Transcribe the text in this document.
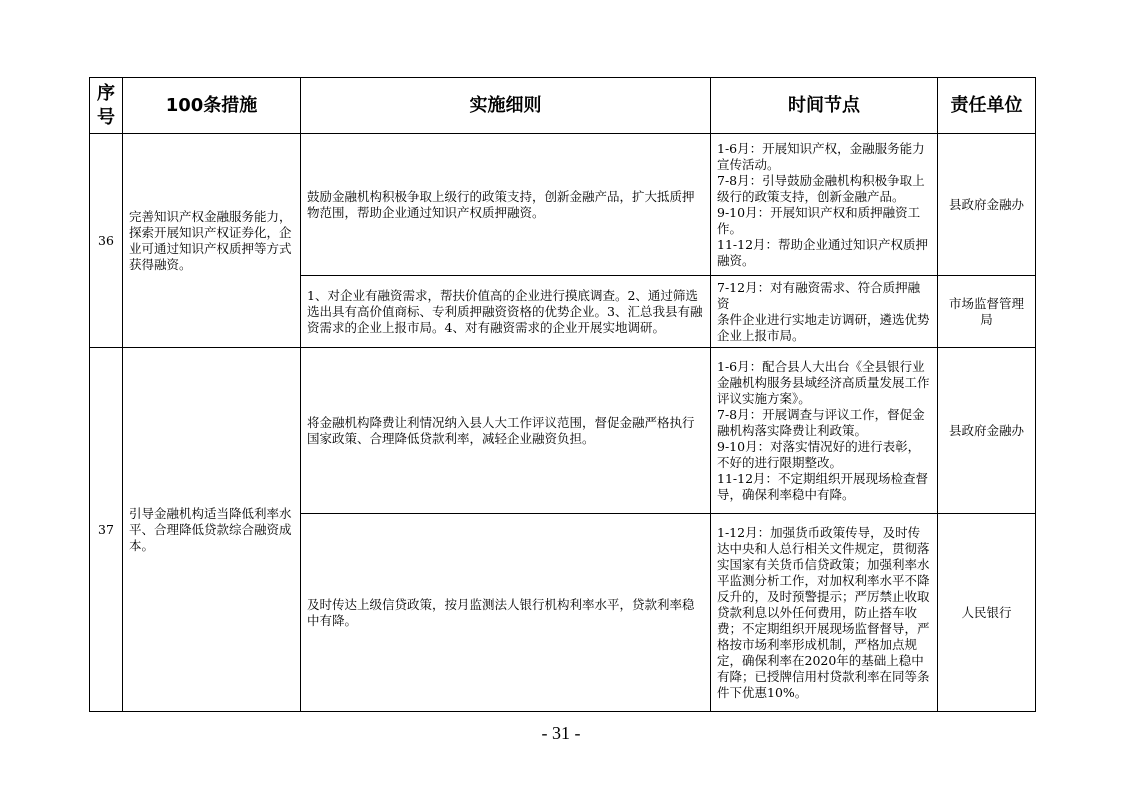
序号	100条措施	实施细则	时间节点	责任单位
36	完善知识产权金融服务能力，探索开展知识产权证券化，企业可通过知识产权质押等方式获得融资。	鼓励金融机构积极争取上级行的政策支持，创新金融产品，扩大抵质押物范围，帮助企业通过知识产权质押融资。	1-6月：开展知识产权，金融服务能力宣传活动。
7-8月：引导鼓励金融机构积极争取上级行的政策支持，创新金融产品。
9-10月：开展知识产权和质押融资工作。
11-12月：帮助企业通过知识产权质押融资。	县政府金融办
		1、对企业有融资需求，帮扶价值高的企业进行摸底调查。2、通过筛选选出具有高价值商标、专利质押融资资格的优势企业。3、汇总我县有融资需求的企业上报市局。4、对有融资需求的企业开展实地调研。	7-12月：对有融资需求、符合质押融资
条件企业进行实地走访调研，遴选优势企业上报市局。	市场监督管理局
37	引导金融机构适当降低利率水平、合理降低贷款综合融资成本。	将金融机构降费让利情况纳入县人大工作评议范围，督促金融严格执行国家政策、合理降低贷款利率，减轻企业融资负担。	1-6月：配合县人大出台《全县银行业金融机构服务县域经济高质量发展工作评议实施方案》。
7-8月：开展调查与评议工作，督促金融机构落实降费让利政策。
9-10月：对落实情况好的进行表彰，不好的进行限期整改。
11-12月：不定期组织开展现场检查督导，确保利率稳中有降。	县政府金融办
		及时传达上级信贷政策，按月监测法人银行机构利率水平，贷款利率稳中有降。	1-12月：加强货币政策传导，及时传达中央和人总行相关文件规定，贯彻落实国家有关货币信贷政策；加强利率水平监测分析工作，对加权利率水平不降反升的，及时预警提示；严厉禁止收取贷款利息以外任何费用，防止搭车收费；不定期组织开展现场监督督导，严格按市场利率形成机制，严格加点规定，确保利率在2020年的基础上稳中有降；已授牌信用村贷款利率在同等条件下优惠10%。	人民银行
- 31 -
